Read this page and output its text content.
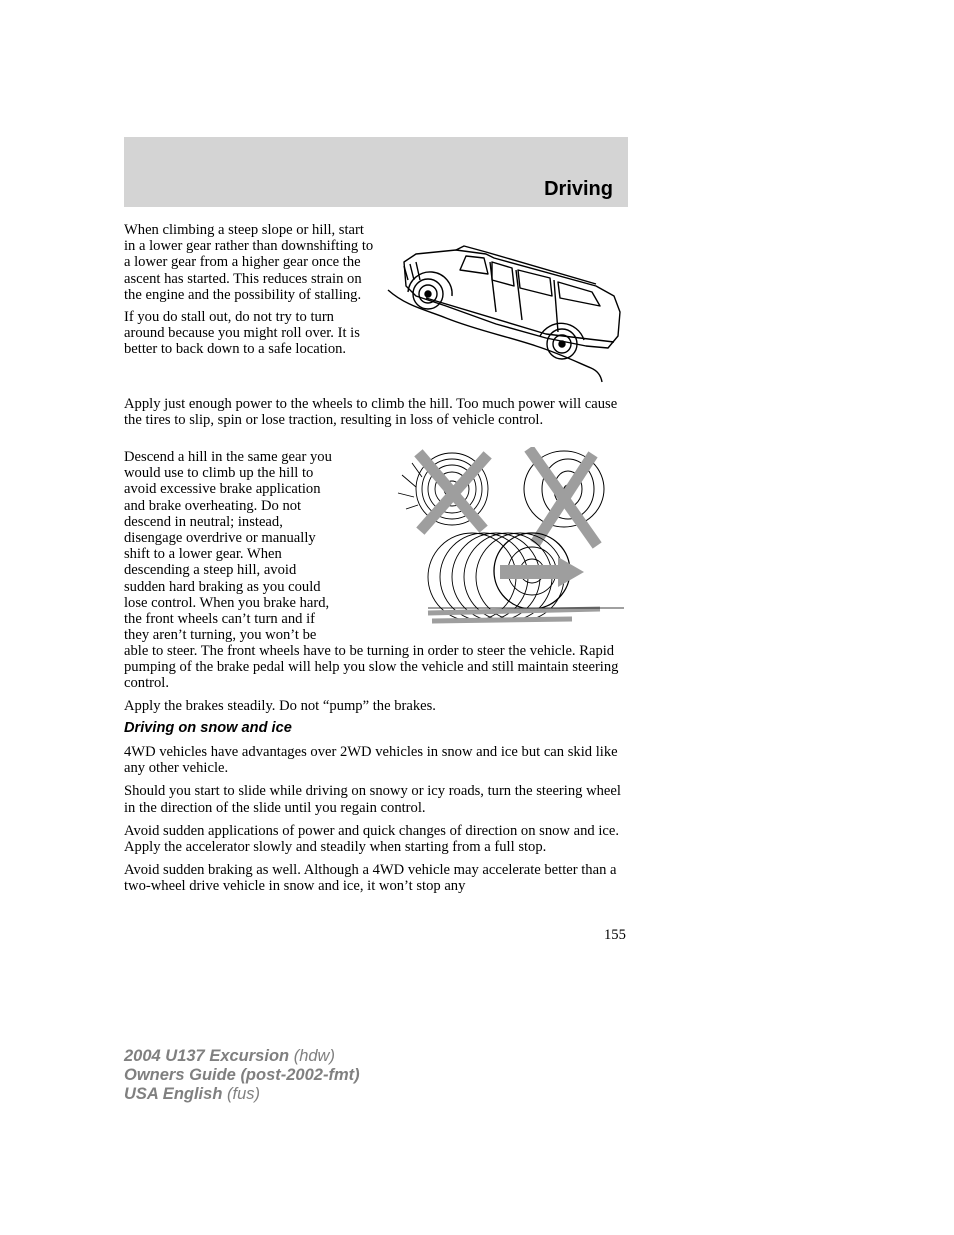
Driving

When climbing a steep slope or hill, start in a lower gear rather than downshifting to a lower gear from a higher gear once the ascent has started. This reduces strain on the engine and the possibility of stalling.

If you do stall out, do not try to turn around because you might roll over. It is better to back down to a safe location.

Apply just enough power to the wheels to climb the hill. Too much power will cause the tires to slip, spin or lose traction, resulting in loss of vehicle control.

Descend a hill in the same gear you
would use to climb up the hill to
avoid excessive brake application
and brake overheating. Do not
descend in neutral; instead,
disengage overdrive or manually
shift to a lower gear. When
descending a steep hill, avoid
sudden hard braking as you could
lose control. When you brake hard,
the front wheels can’t turn and if
they aren’t turning, you won’t be

able to steer. The front wheels have to be turning in order to steer the vehicle. Rapid pumping of the brake pedal will help you slow the vehicle and still maintain steering control.

Apply the brakes steadily. Do not “pump” the brakes.

Driving on snow and ice

4WD vehicles have advantages over 2WD vehicles in snow and ice but can skid like any other vehicle.

Should you start to slide while driving on snowy or icy roads, turn the steering wheel in the direction of the slide until you regain control.

Avoid sudden applications of power and quick changes of direction on snow and ice. Apply the accelerator slowly and steadily when starting from a full stop.

Avoid sudden braking as well. Although a 4WD vehicle may accelerate better than a two-wheel drive vehicle in snow and ice, it won’t stop any

155
2004 U137 Excursion (hdw)
Owners Guide (post-2002-fmt)
USA English (fus)
